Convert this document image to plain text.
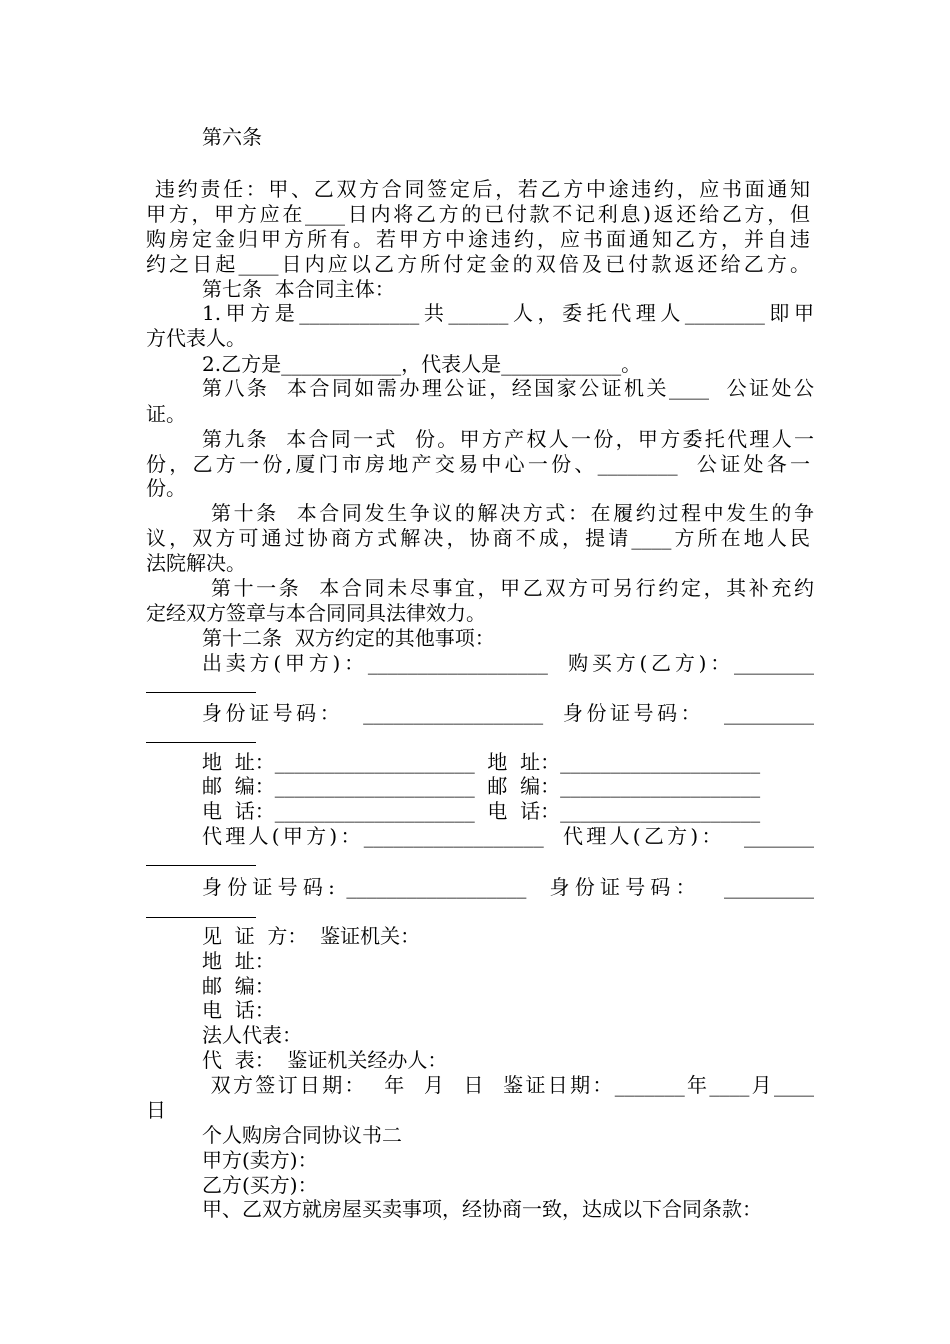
第六条

违约责任：甲、乙双方合同签定后，若乙方中途违约，应书面通知

甲方，甲方应在____日内将乙方的已付款不记利息)返还给乙方，但

购房定金归甲方所有。若甲方中途违约，应书面通知乙方，并自违

约之日起____日内应以乙方所付定金的双倍及已付款返还给乙方。

第七条  本合同主体：

1.甲方是____________共______人，委托代理人________即甲

方代表人。

2.乙方是____________，代表人是____________。

第八条  本合同如需办理公证，经国家公证机关____  公证处公

证。

第九条  本合同一式  份。甲方产权人一份，甲方委托代理人一

份，乙方一份,厦门市房地产交易中心一份、________  公证处各一

份。

第十条  本合同发生争议的解决方式：在履约过程中发生的争

议，双方可通过协商方式解决，协商不成，提请____方所在地人民

法院解决。

第十一条  本合同未尽事宜，甲乙双方可另行约定，其补充约

定经双方签章与本合同同具法律效力。

第十二条  双方约定的其他事项：

出卖方(甲方)：__________________  购买方(乙方)：________

身份证号码：  __________________  身份证号码：  _________

地  址：____________________  地  址：____________________

邮  编：____________________  邮  编：____________________

电  话：____________________  电  话：____________________

代理人(甲方)：__________________  代理人(乙方)：  _______

身份证号码: __________________  身份证号码：  _________

见  证  方：  鉴证机关：

地  址：

邮  编：

电  话：

法人代表：

代  表：  鉴证机关经办人：

双方签订日期：  年  月  日  鉴证日期：_______年____月____

日

个人购房合同协议书二

甲方(卖方)：

乙方(买方)：

甲、乙双方就房屋买卖事项，经协商一致，达成以下合同条款：
